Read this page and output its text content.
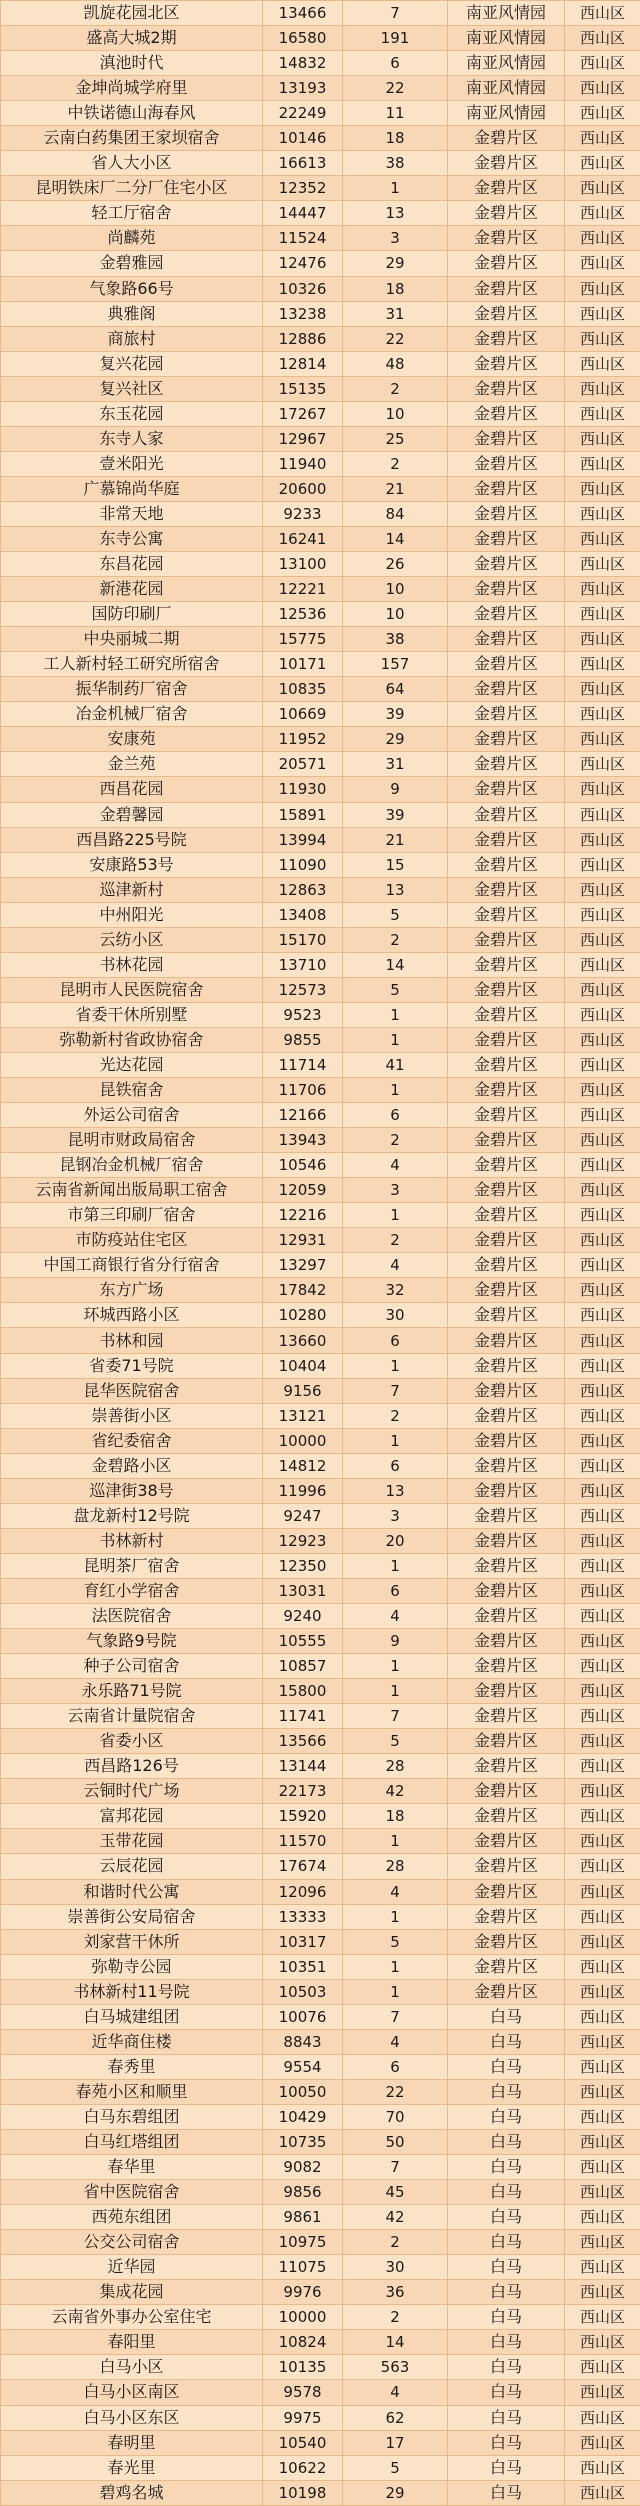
凯旋花园北区	13466	7	南亚风情园	西山区
盛高大城2期	16580	191	南亚风情园	西山区
滇池时代	14832	6	南亚风情园	西山区
金坤尚城学府里	13193	22	南亚风情园	西山区
中铁诺德山海春风	22249	11	南亚风情园	西山区
云南白药集团王家坝宿舍	10146	18	金碧片区	西山区
省人大小区	16613	38	金碧片区	西山区
昆明铁床厂二分厂住宅小区	12352	1	金碧片区	西山区
轻工厅宿舍	14447	13	金碧片区	西山区
尚麟苑	11524	3	金碧片区	西山区
金碧雅园	12476	29	金碧片区	西山区
气象路66号	10326	18	金碧片区	西山区
典雅阁	13238	31	金碧片区	西山区
商旅村	12886	22	金碧片区	西山区
复兴花园	12814	48	金碧片区	西山区
复兴社区	15135	2	金碧片区	西山区
东玉花园	17267	10	金碧片区	西山区
东寺人家	12967	25	金碧片区	西山区
壹米阳光	11940	2	金碧片区	西山区
广慕锦尚华庭	20600	21	金碧片区	西山区
非常天地	9233	84	金碧片区	西山区
东寺公寓	16241	14	金碧片区	西山区
东昌花园	13100	26	金碧片区	西山区
新港花园	12221	10	金碧片区	西山区
国防印刷厂	12536	10	金碧片区	西山区
中央丽城二期	15775	38	金碧片区	西山区
工人新村轻工研究所宿舍	10171	157	金碧片区	西山区
振华制药厂宿舍	10835	64	金碧片区	西山区
冶金机械厂宿舍	10669	39	金碧片区	西山区
安康苑	11952	29	金碧片区	西山区
金兰苑	20571	31	金碧片区	西山区
西昌花园	11930	9	金碧片区	西山区
金碧馨园	15891	39	金碧片区	西山区
西昌路225号院	13994	21	金碧片区	西山区
安康路53号	11090	15	金碧片区	西山区
巡津新村	12863	13	金碧片区	西山区
中州阳光	13408	5	金碧片区	西山区
云纺小区	15170	2	金碧片区	西山区
书林花园	13710	14	金碧片区	西山区
昆明市人民医院宿舍	12573	5	金碧片区	西山区
省委干休所别墅	9523	1	金碧片区	西山区
弥勒新村省政协宿舍	9855	1	金碧片区	西山区
光达花园	11714	41	金碧片区	西山区
昆铁宿舍	11706	1	金碧片区	西山区
外运公司宿舍	12166	6	金碧片区	西山区
昆明市财政局宿舍	13943	2	金碧片区	西山区
昆钢冶金机械厂宿舍	10546	4	金碧片区	西山区
云南省新闻出版局职工宿舍	12059	3	金碧片区	西山区
市第三印刷厂宿舍	12216	1	金碧片区	西山区
市防疫站住宅区	12931	2	金碧片区	西山区
中国工商银行省分行宿舍	13297	4	金碧片区	西山区
东方广场	17842	32	金碧片区	西山区
环城西路小区	10280	30	金碧片区	西山区
书林和园	13660	6	金碧片区	西山区
省委71号院	10404	1	金碧片区	西山区
昆华医院宿舍	9156	7	金碧片区	西山区
崇善街小区	13121	2	金碧片区	西山区
省纪委宿舍	10000	1	金碧片区	西山区
金碧路小区	14812	6	金碧片区	西山区
巡津街38号	11996	13	金碧片区	西山区
盘龙新村12号院	9247	3	金碧片区	西山区
书林新村	12923	20	金碧片区	西山区
昆明茶厂宿舍	12350	1	金碧片区	西山区
育红小学宿舍	13031	6	金碧片区	西山区
法医院宿舍	9240	4	金碧片区	西山区
气象路9号院	10555	9	金碧片区	西山区
种子公司宿舍	10857	1	金碧片区	西山区
永乐路71号院	15800	1	金碧片区	西山区
云南省计量院宿舍	11741	7	金碧片区	西山区
省委小区	13566	5	金碧片区	西山区
西昌路126号	13144	28	金碧片区	西山区
云铜时代广场	22173	42	金碧片区	西山区
富邦花园	15920	18	金碧片区	西山区
玉带花园	11570	1	金碧片区	西山区
云辰花园	17674	28	金碧片区	西山区
和谐时代公寓	12096	4	金碧片区	西山区
崇善街公安局宿舍	13333	1	金碧片区	西山区
刘家营干休所	10317	5	金碧片区	西山区
弥勒寺公园	10351	1	金碧片区	西山区
书林新村11号院	10503	1	金碧片区	西山区
白马城建组团	10076	7	白马	西山区
近华商住楼	8843	4	白马	西山区
春秀里	9554	6	白马	西山区
春苑小区和顺里	10050	22	白马	西山区
白马东碧组团	10429	70	白马	西山区
白马红塔组团	10735	50	白马	西山区
春华里	9082	7	白马	西山区
省中医院宿舍	9856	45	白马	西山区
西苑东组团	9861	42	白马	西山区
公交公司宿舍	10975	2	白马	西山区
近华园	11075	30	白马	西山区
集成花园	9976	36	白马	西山区
云南省外事办公室住宅	10000	2	白马	西山区
春阳里	10824	14	白马	西山区
白马小区	10135	563	白马	西山区
白马小区南区	9578	4	白马	西山区
白马小区东区	9975	62	白马	西山区
春明里	10540	17	白马	西山区
春光里	10622	5	白马	西山区
碧鸡名城	10198	29	白马	西山区
